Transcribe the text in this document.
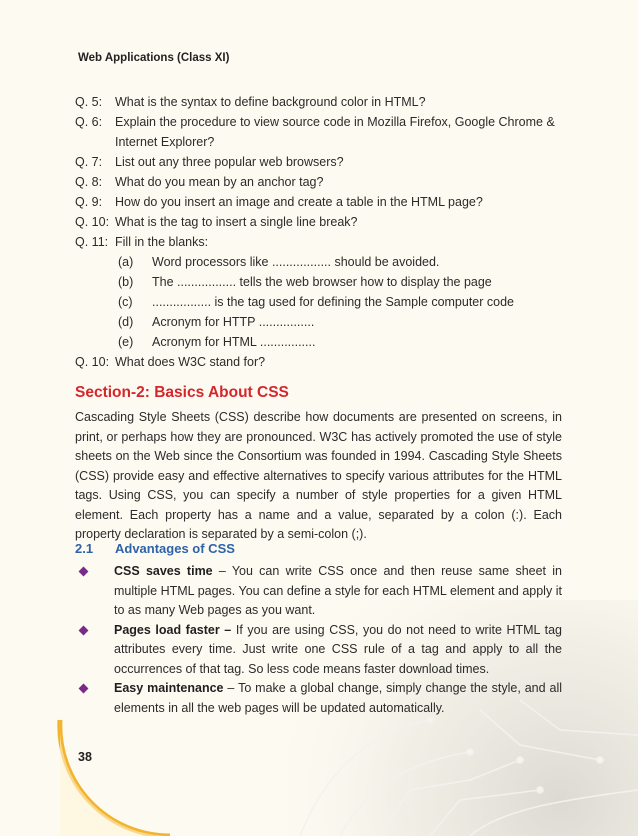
Web Applications (Class XI)
Q. 5:	What is the syntax to define background color in HTML?
Q. 6:	Explain the procedure to view source code in Mozilla Firefox, Google Chrome & Internet Explorer?
Q. 7:	List out any three popular web browsers?
Q. 8:	What do you mean by an anchor tag?
Q. 9:	How do you insert an image and create a table in the HTML page?
Q. 10: What is the tag to insert a single line break?
Q. 11: Fill in the blanks:
(a)	Word processors like ................. should be avoided.
(b)	The ................. tells the web browser how to display the page
(c)	................. is the tag used for defining the Sample computer code
(d)	Acronym for HTTP ................
(e)	Acronym for HTML ................
Q. 10: What does W3C stand for?
Section-2: Basics About CSS

Cascading Style Sheets (CSS) describe how documents are presented on screens, in print, or perhaps how they are pronounced. W3C has actively promoted the use of style sheets on the Web since the Consortium was founded in 1994. Cascading Style Sheets (CSS) provide easy and effective alternatives to specify various attributes for the HTML tags. Using CSS, you can specify a number of style properties for a given HTML element. Each property has a name and a value, separated by a colon (:). Each property declaration is separated by a semi-colon (;).

2.1 Advantages of CSS
CSS saves time – You can write CSS once and then reuse same sheet in multiple HTML pages. You can define a style for each HTML element and apply it to as many Web pages as you want.
Pages load faster – If you are using CSS, you do not need to write HTML tag attributes every time. Just write one CSS rule of a tag and apply to all the occurrences of that tag. So less code means faster download times.
Easy maintenance – To make a global change, simply change the style, and all elements in all the web pages will be updated automatically.
38
